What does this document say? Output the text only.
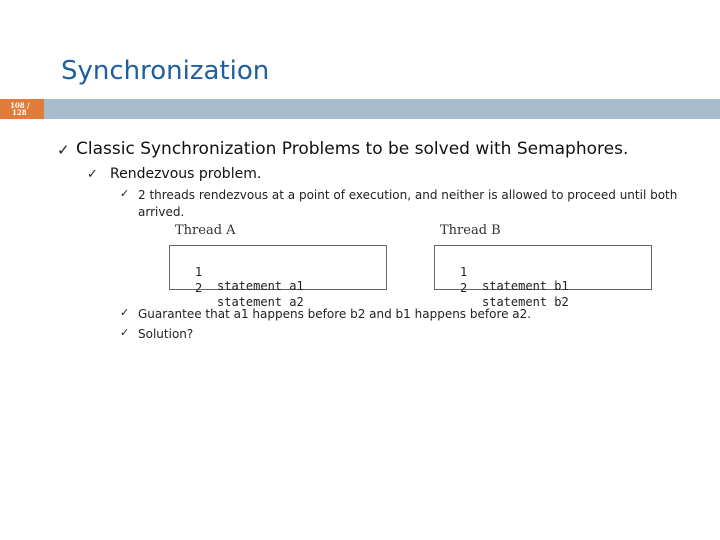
Synchronization
108 /
128
✓ Classic Synchronization Problems to be solved with Semaphores.
✓ Rendezvous problem.
✓ 2 threads rendezvous at a point of execution, and neither is allowed to proceed until both arrived.
Thread A

1

statement a1

2

statement a2

Thread B

1

statement b1

2

statement b2

✓ Guarantee that a1 happens before b2 and b1 happens before a2.
✓ Solution?
